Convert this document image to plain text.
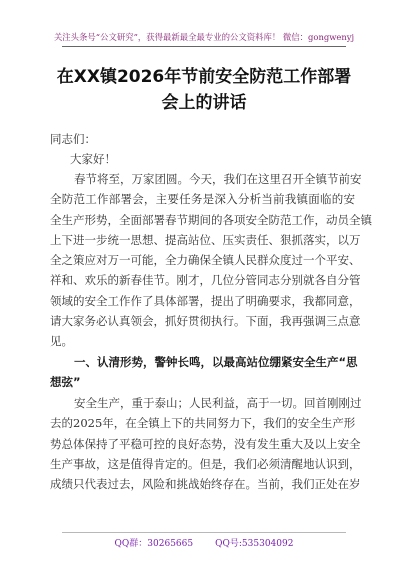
关注头条号“公文研究”，获得最新最全最专业的公文资料库！ 微信：gongwenyj
在XX镇2026年节前安全防范工作部署
会上的讲话
同志们：
大家好！
春节将至，万家团圆。今天，我们在这里召开全镇节前安
全防范工作部署会，主要任务是深入分析当前我镇面临的安
全生产形势，全面部署春节期间的各项安全防范工作，动员全镇
上下进一步统一思想、提高站位、压实责任、狠抓落实，以万
全之策应对万一可能，全力确保全镇人民群众度过一个平安、
祥和、欢乐的新春佳节。刚才，几位分管同志分别就各自分管
领域的安全工作作了具体部署，提出了明确要求，我都同意，
请大家务必认真领会，抓好贯彻执行。下面，我再强调三点意
见。
一、认清形势，警钟长鸣，以最高站位绷紧安全生产“思
想弦”
安全生产，重于泰山；人民利益，高于一切。回首刚刚过
去的2025年，在全镇上下的共同努力下，我们的安全生产形
势总体保持了平稳可控的良好态势，没有发生重大及以上安全
生产事故，这是值得肯定的。但是，我们必须清醒地认识到，
成绩只代表过去，风险和挑战始终存在。当前，我们正处在岁
QQ群：30265665 QQ号:535304092
